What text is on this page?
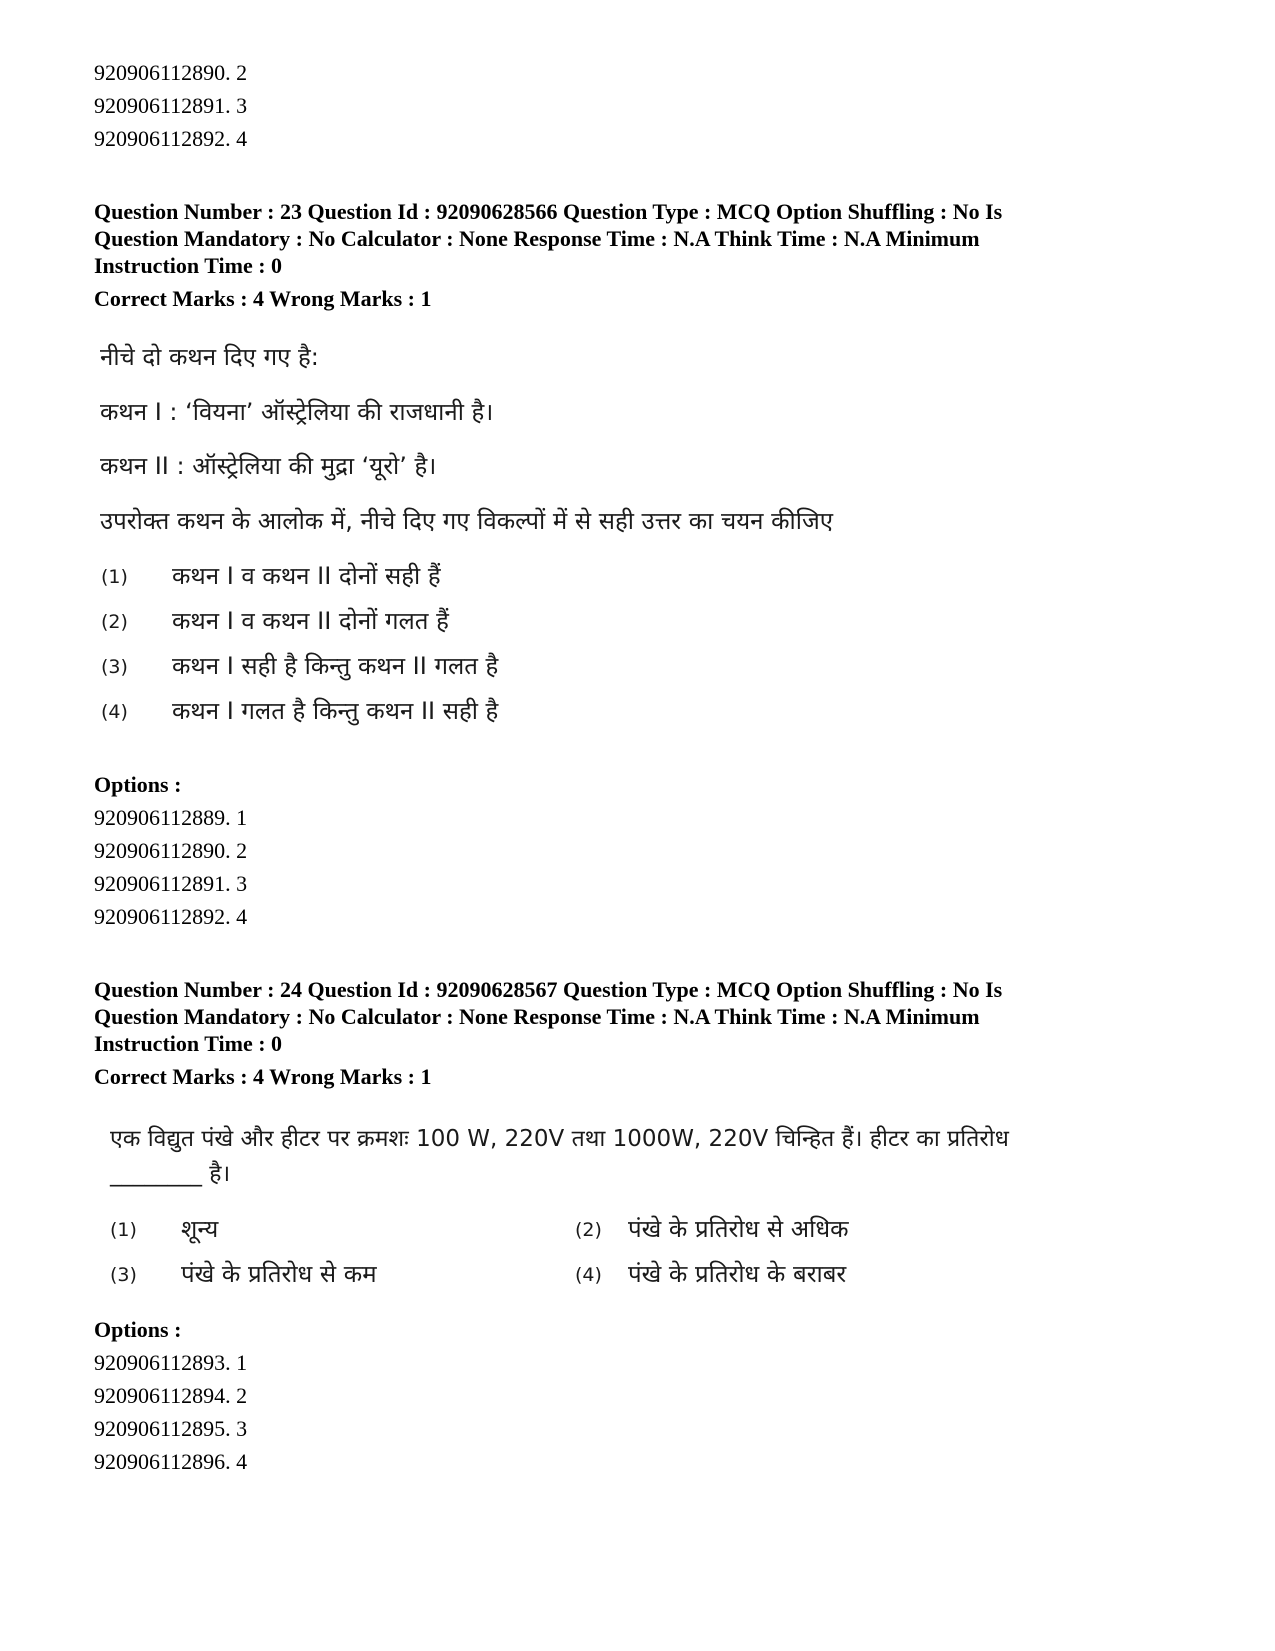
920906112890. 2
920906112891. 3
920906112892. 4
Question Number : 23 Question Id : 92090628566 Question Type : MCQ Option Shuffling : No Is
Question Mandatory : No Calculator : None Response Time : N.A Think Time : N.A Minimum
Instruction Time : 0
Correct Marks : 4 Wrong Marks : 1
नीचे दो कथन दिए गए है:
कथन I : ‘वियना’ ऑस्ट्रेलिया की राजधानी है।
कथन II : ऑस्ट्रेलिया की मुद्रा ‘यूरो’ है।
उपरोक्त कथन के आलोक में, नीचे दिए गए विकल्पों में से सही उत्तर का चयन कीजिए
(1) कथन I व कथन II दोनों सही हैं
(2) कथन I व कथन II दोनों गलत हैं
(3) कथन I सही है किन्तु कथन II गलत है
(4) कथन I गलत है किन्तु कथन II सही है
Options :
920906112889. 1
920906112890. 2
920906112891. 3
920906112892. 4
Question Number : 24 Question Id : 92090628567 Question Type : MCQ Option Shuffling : No Is
Question Mandatory : No Calculator : None Response Time : N.A Think Time : N.A Minimum
Instruction Time : 0
Correct Marks : 4 Wrong Marks : 1
एक विद्युत पंखे और हीटर पर क्रमशः 100 W, 220V तथा 1000W, 220V चिन्हित हैं। हीटर का प्रतिरोध
________ है।
(1) शून्य	(2) पंखे के प्रतिरोध से अधिक
(3) पंखे के प्रतिरोध से कम	(4) पंखे के प्रतिरोध के बराबर
Options :
920906112893. 1
920906112894. 2
920906112895. 3
920906112896. 4
